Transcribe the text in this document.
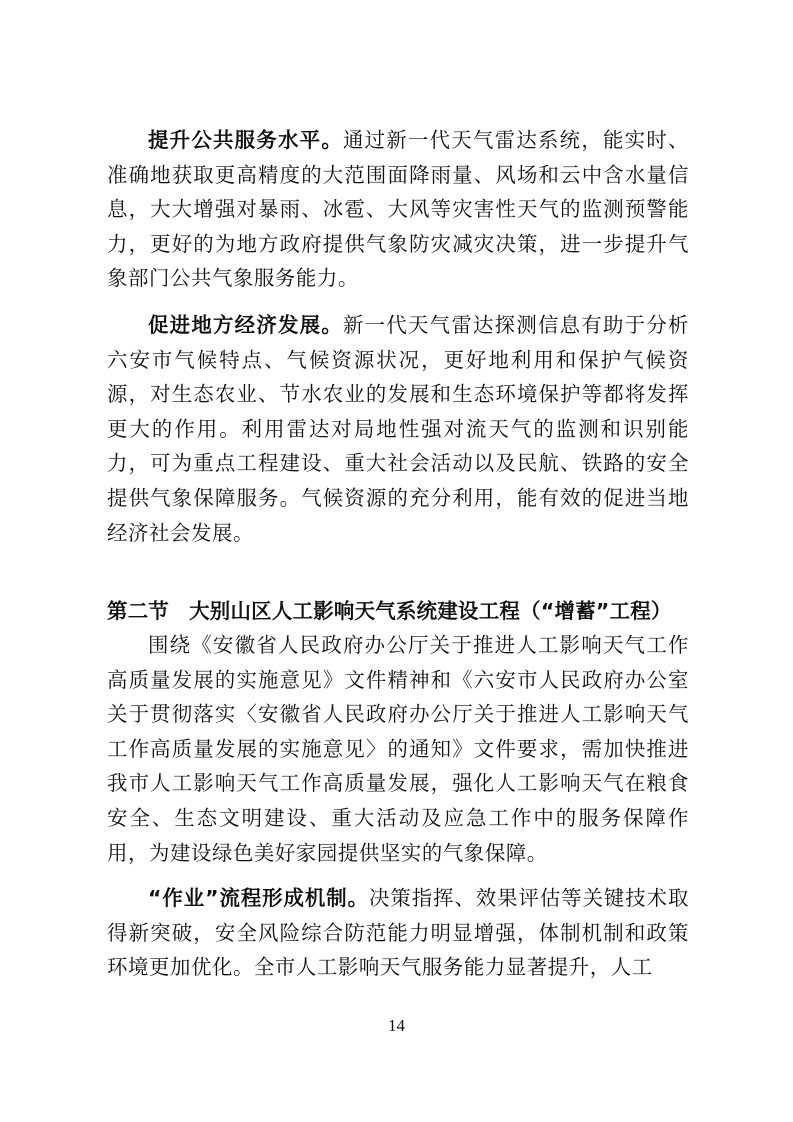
提升公共服务水平。通过新一代天气雷达系统，能实时、准确地获取更高精度的大范围面降雨量、风场和云中含水量信息，大大增强对暴雨、冰雹、大风等灾害性天气的监测预警能力，更好的为地方政府提供气象防灾减灾决策，进一步提升气象部门公共气象服务能力。

促进地方经济发展。新一代天气雷达探测信息有助于分析六安市气候特点、气候资源状况，更好地利用和保护气候资源，对生态农业、节水农业的发展和生态环境保护等都将发挥更大的作用。利用雷达对局地性强对流天气的监测和识别能力，可为重点工程建设、重大社会活动以及民航、铁路的安全提供气象保障服务。气候资源的充分利用，能有效的促进当地经济社会发展。

第二节 大别山区人工影响天气系统建设工程（“增蓄”工程）

围绕《安徽省人民政府办公厅关于推进人工影响天气工作高质量发展的实施意见》文件精神和《六安市人民政府办公室关于贯彻落实〈安徽省人民政府办公厅关于推进人工影响天气工作高质量发展的实施意见〉的通知》文件要求，需加快推进我市人工影响天气工作高质量发展，强化人工影响天气在粮食安全、生态文明建设、重大活动及应急工作中的服务保障作用，为建设绿色美好家园提供坚实的气象保障。

“作业”流程形成机制。决策指挥、效果评估等关键技术取得新突破，安全风险综合防范能力明显增强，体制机制和政策环境更加优化。全市人工影响天气服务能力显著提升，人工

14
